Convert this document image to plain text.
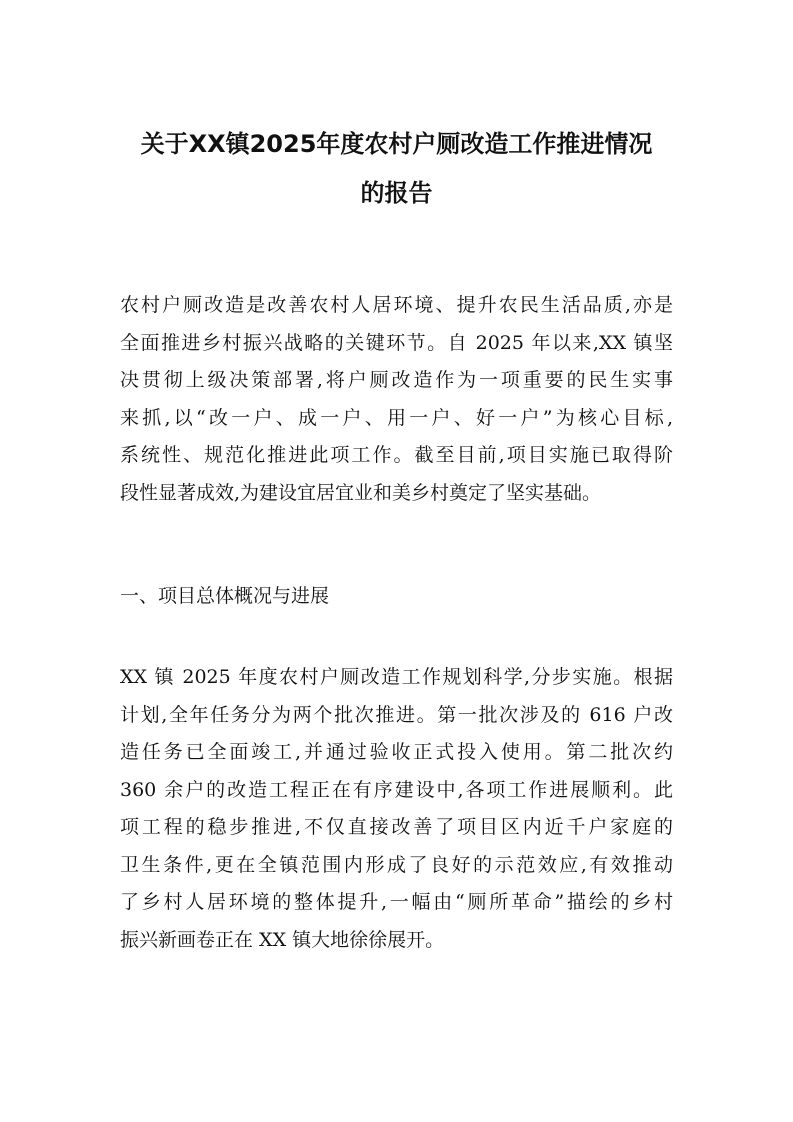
关于XX镇2025年度农村户厕改造工作推进情况
的报告
农村户厕改造是改善农村人居环境、提升农民生活品质,亦是
全面推进乡村振兴战略的关键环节。自 2025 年以来,XX 镇坚
决贯彻上级决策部署,将户厕改造作为一项重要的民生实事
来抓,以“改一户、成一户、用一户、好一户”为核心目标,
系统性、规范化推进此项工作。截至目前,项目实施已取得阶
段性显著成效,为建设宜居宜业和美乡村奠定了坚实基础。
一、项目总体概况与进展
XX 镇 2025 年度农村户厕改造工作规划科学,分步实施。根据
计划,全年任务分为两个批次推进。第一批次涉及的 616 户改
造任务已全面竣工,并通过验收正式投入使用。第二批次约
360 余户的改造工程正在有序建设中,各项工作进展顺利。此
项工程的稳步推进,不仅直接改善了项目区内近千户家庭的
卫生条件,更在全镇范围内形成了良好的示范效应,有效推动
了乡村人居环境的整体提升,一幅由“厕所革命”描绘的乡村
振兴新画卷正在 XX 镇大地徐徐展开。
